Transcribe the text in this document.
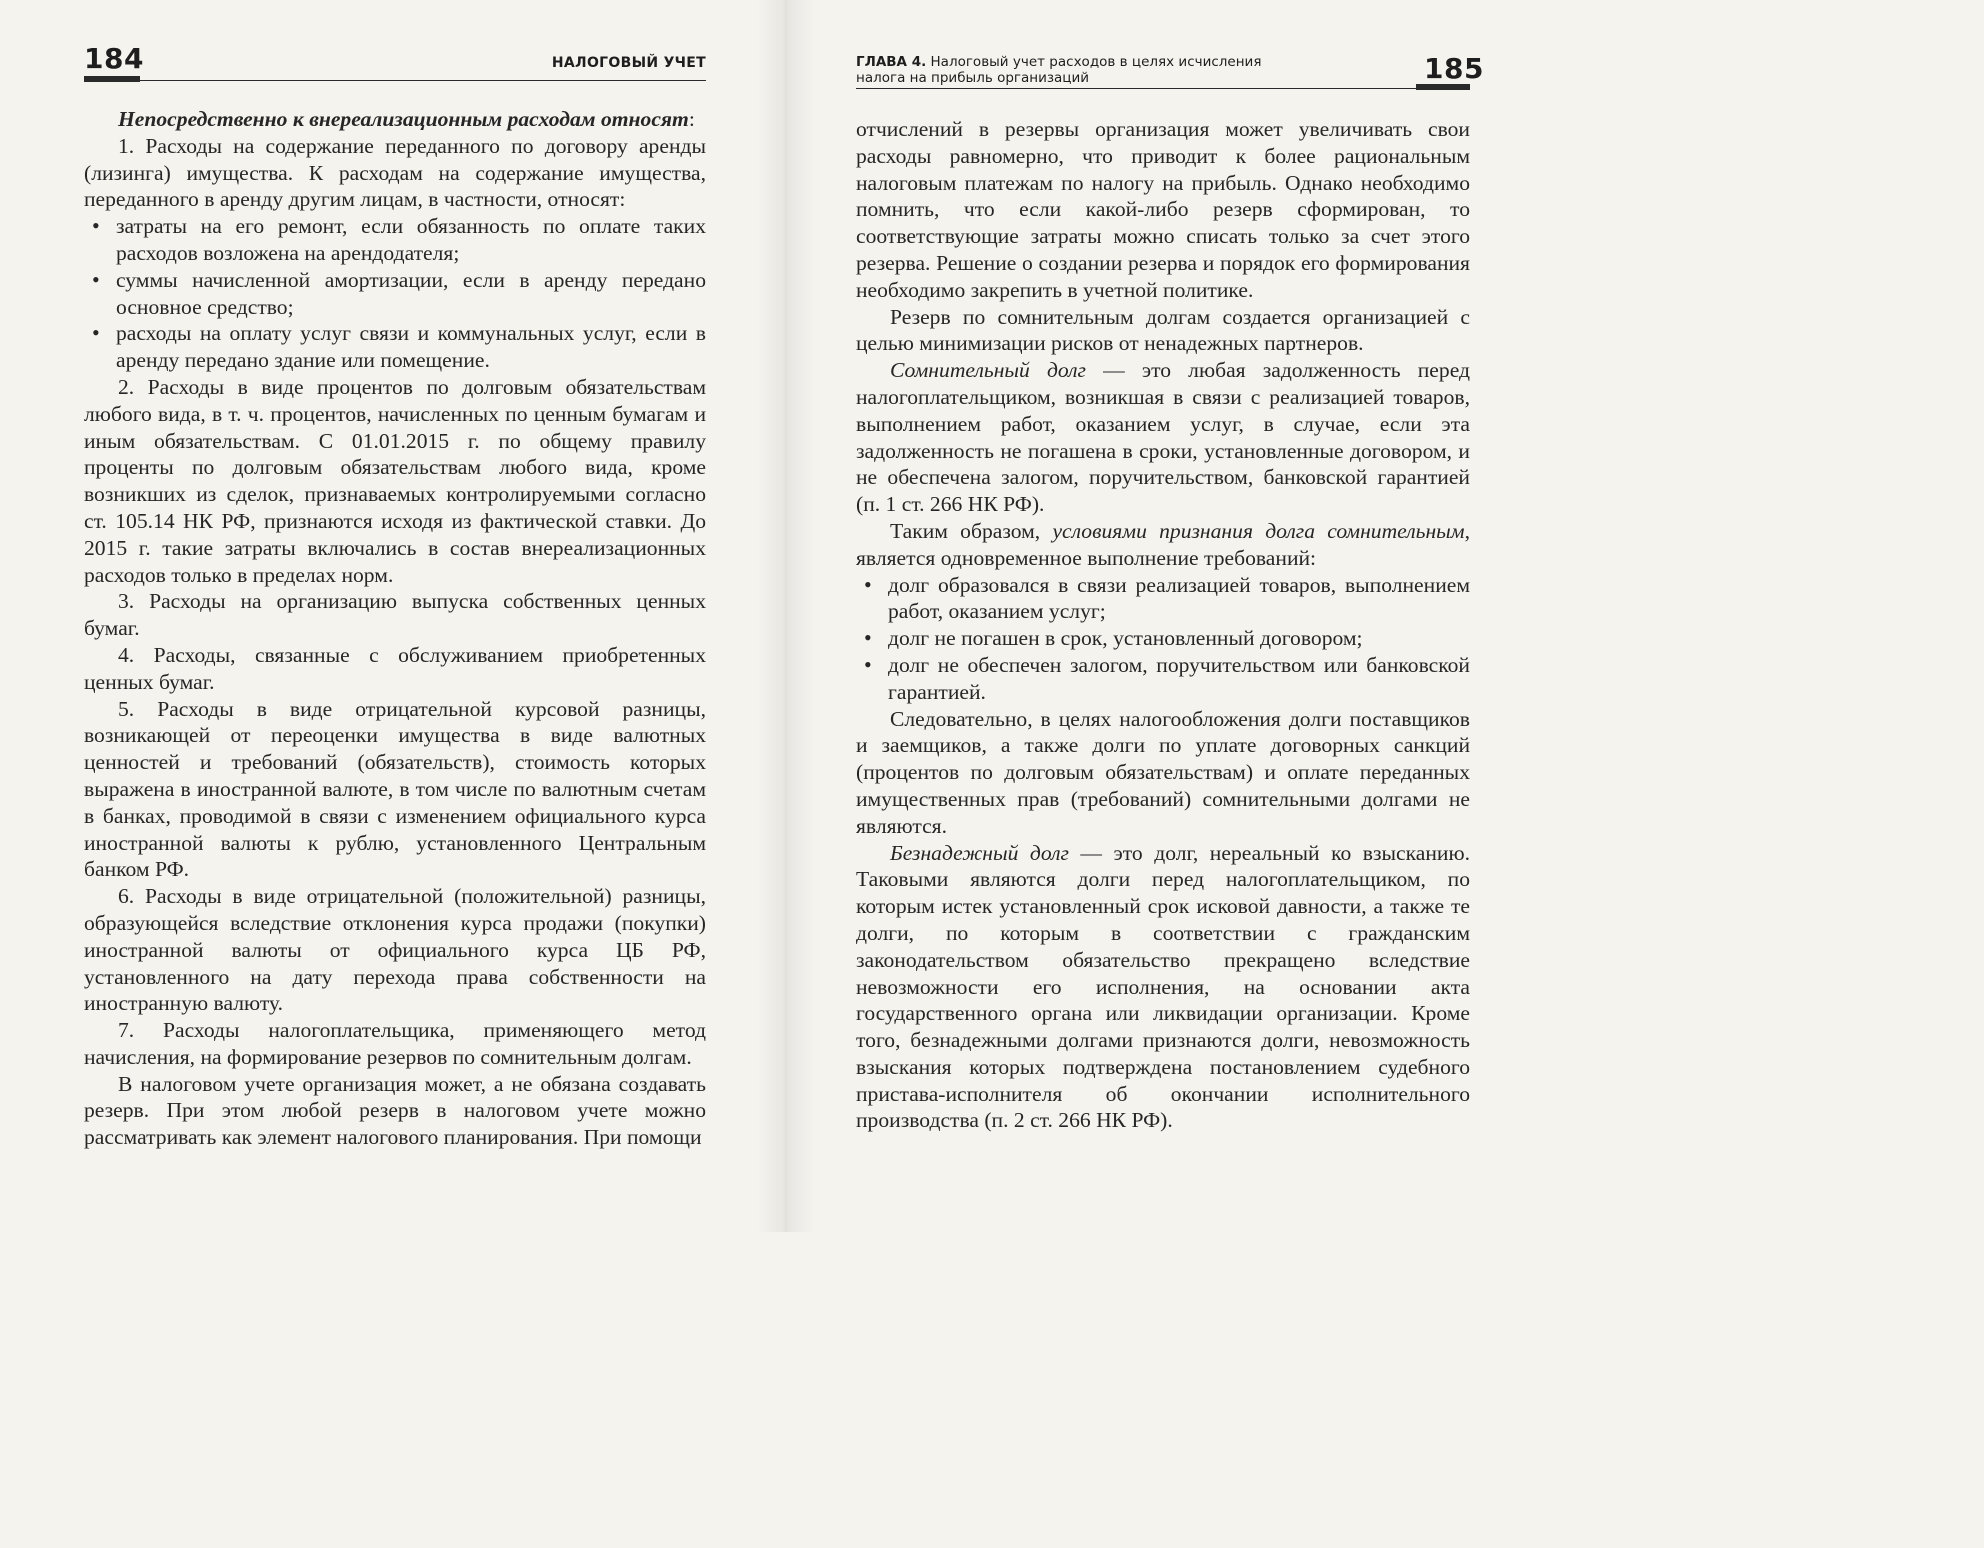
184	НАЛОГОВЫЙ УЧЕТ

Непосредственно к внереализационным расходам относят:

1. Расходы на содержание переданного по договору аренды (лизинга) имущества. К расходам на содержание имущества, переданного в аренду другим лицам, в частности, относят:

• затраты на его ремонт, если обязанность по оплате таких расходов возложена на арендодателя;
• суммы начисленной амортизации, если в аренду передано основное средство;
• расходы на оплату услуг связи и коммунальных услуг, если в аренду передано здание или помещение.

2. Расходы в виде процентов по долговым обязательствам любого вида, в т. ч. процентов, начисленных по ценным бумагам и иным обязательствам. С 01.01.2015 г. по общему правилу проценты по долговым обязательствам любого вида, кроме возникших из сделок, признаваемых контролируемыми согласно ст. 105.14 НК РФ, признаются исходя из фактической ставки. До 2015 г. такие затраты включались в состав внереализационных расходов только в пределах норм.

3. Расходы на организацию выпуска собственных ценных бумаг.

4. Расходы, связанные с обслуживанием приобретенных ценных бумаг.

5. Расходы в виде отрицательной курсовой разницы, возникающей от переоценки имущества в виде валютных ценностей и требований (обязательств), стоимость которых выражена в иностранной валюте, в том числе по валютным счетам в банках, проводимой в связи с изменением официального курса иностранной валюты к рублю, установленного Центральным банком РФ.

6. Расходы в виде отрицательной (положительной) разницы, образующейся вследствие отклонения курса продажи (покупки) иностранной валюты от официального курса ЦБ РФ, установленного на дату перехода права собственности на иностранную валюту.

7. Расходы налогоплательщика, применяющего метод начисления, на формирование резервов по сомнительным долгам.

В налоговом учете организация может, а не обязана создавать резерв. При этом любой резерв в налоговом учете можно рассматривать как элемент налогового планирования. При помощи

ГЛАВА 4. Налоговый учет расходов в целях исчисления
налога на прибыль организаций	185

отчислений в резервы организация может увеличивать свои расходы равномерно, что приводит к более рациональным налоговым платежам по налогу на прибыль. Однако необходимо помнить, что если какой-либо резерв сформирован, то соответствующие затраты можно списать только за счет этого резерва. Решение о создании резерва и порядок его формирования необходимо закрепить в учетной политике.

Резерв по сомнительным долгам создается организацией с целью минимизации рисков от ненадежных партнеров.

Сомнительный долг — это любая задолженность перед налогоплательщиком, возникшая в связи с реализацией товаров, выполнением работ, оказанием услуг, в случае, если эта задолженность не погашена в сроки, установленные договором, и не обеспечена залогом, поручительством, банковской гарантией (п. 1 ст. 266 НК РФ).

Таким образом, условиями признания долга сомнительным, является одновременное выполнение требований:

• долг образовался в связи реализацией товаров, выполнением работ, оказанием услуг;
• долг не погашен в срок, установленный договором;
• долг не обеспечен залогом, поручительством или банковской гарантией.

Следовательно, в целях налогообложения долги поставщиков и заемщиков, а также долги по уплате договорных санкций (процентов по долговым обязательствам) и оплате переданных имущественных прав (требований) сомнительными долгами не являются.

Безнадежный долг — это долг, нереальный ко взысканию. Таковыми являются долги перед налогоплательщиком, по которым истек установленный срок исковой давности, а также те долги, по которым в соответствии с гражданским законодательством обязательство прекращено вследствие невозможности его исполнения, на основании акта государственного органа или ликвидации организации. Кроме того, безнадежными долгами признаются долги, невозможность взыскания которых подтверждена постановлением судебного пристава-исполнителя об окончании исполнительного производства (п. 2 ст. 266 НК РФ).
